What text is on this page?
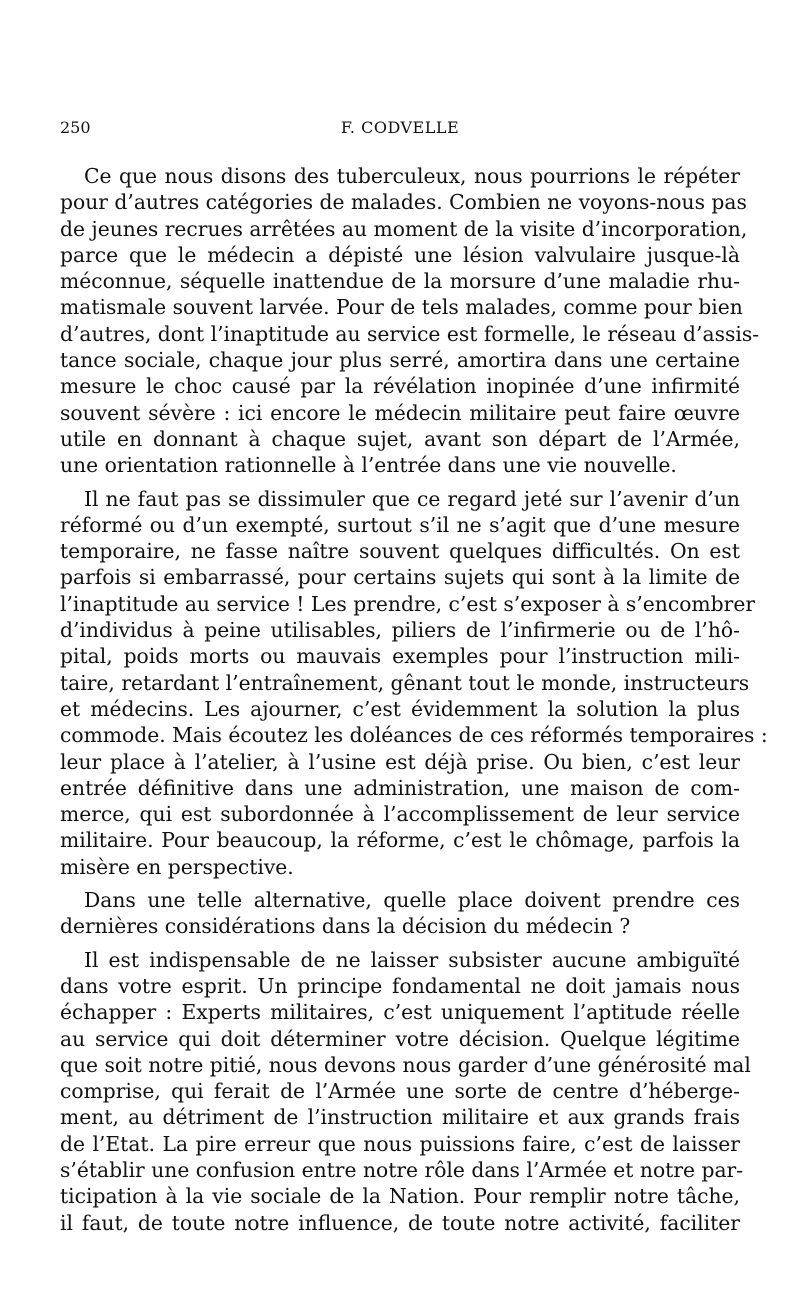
250	F. CODVELLE

Ce que nous disons des tuberculeux, nous pourrions le répéter
pour d’autres catégories de malades. Combien ne voyons-nous pas
de jeunes recrues arrêtées au moment de la visite d’incorporation,
parce que le médecin a dépisté une lésion valvulaire jusque-là
méconnue, séquelle inattendue de la morsure d’une maladie rhu-
matismale souvent larvée. Pour de tels malades, comme pour bien
d’autres, dont l’inaptitude au service est formelle, le réseau d’assis-
tance sociale, chaque jour plus serré, amortira dans une certaine
mesure le choc causé par la révélation inopinée d’une infirmité
souvent sévère : ici encore le médecin militaire peut faire œuvre
utile en donnant à chaque sujet, avant son départ de l’Armée,
une orientation rationnelle à l’entrée dans une vie nouvelle.

Il ne faut pas se dissimuler que ce regard jeté sur l’avenir d’un
réformé ou d’un exempté, surtout s’il ne s’agit que d’une mesure
temporaire, ne fasse naître souvent quelques difficultés. On est
parfois si embarrassé, pour certains sujets qui sont à la limite de
l’inaptitude au service ! Les prendre, c’est s’exposer à s’encombrer
d’individus à peine utilisables, piliers de l’infirmerie ou de l’hô-
pital, poids morts ou mauvais exemples pour l’instruction mili-
taire, retardant l’entraînement, gênant tout le monde, instructeurs
et médecins. Les ajourner, c’est évidemment la solution la plus
commode. Mais écoutez les doléances de ces réformés temporaires :
leur place à l’atelier, à l’usine est déjà prise. Ou bien, c’est leur
entrée définitive dans une administration, une maison de com-
merce, qui est subordonnée à l’accomplissement de leur service
militaire. Pour beaucoup, la réforme, c’est le chômage, parfois la
misère en perspective.

Dans une telle alternative, quelle place doivent prendre ces
dernières considérations dans la décision du médecin ?

Il est indispensable de ne laisser subsister aucune ambiguïté
dans votre esprit. Un principe fondamental ne doit jamais nous
échapper : Experts militaires, c’est uniquement l’aptitude réelle
au service qui doit déterminer votre décision. Quelque légitime
que soit notre pitié, nous devons nous garder d’une générosité mal
comprise, qui ferait de l’Armée une sorte de centre d’héberge-
ment, au détriment de l’instruction militaire et aux grands frais
de l’Etat. La pire erreur que nous puissions faire, c’est de laisser
s’établir une confusion entre notre rôle dans l’Armée et notre par-
ticipation à la vie sociale de la Nation. Pour remplir notre tâche,
il faut, de toute notre influence, de toute notre activité, faciliter
